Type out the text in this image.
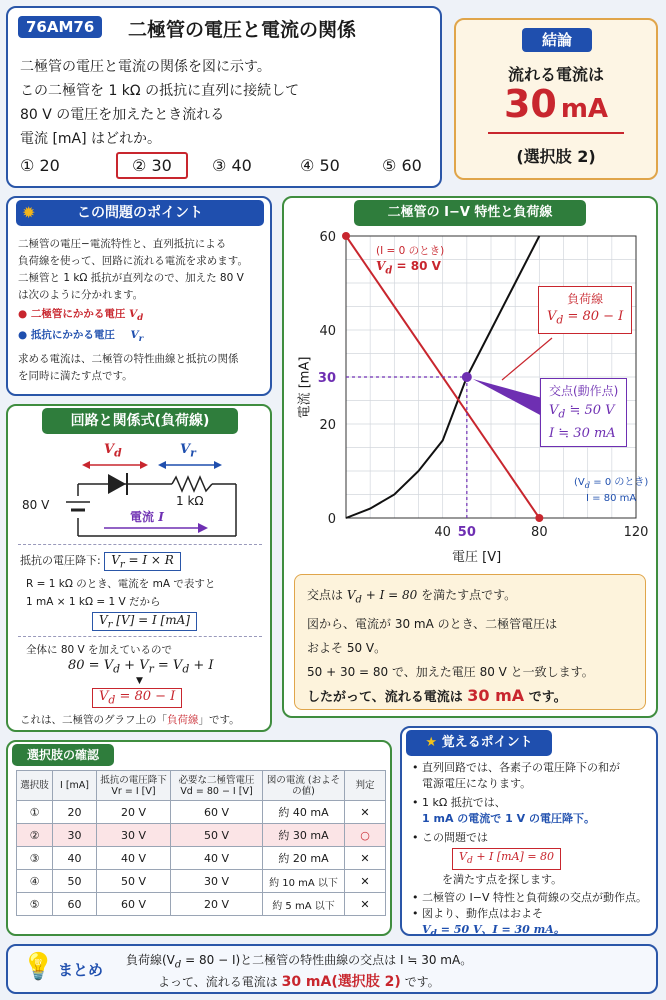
76AM76	二極管の電圧と電流の関係
二極管の電圧と電流の関係を図に示す。
この二極管を 1 kΩ の抵抗に直列に接続して
80 V の電圧を加えたとき流れる
電流 [mA] はどれか。
① 20	② 30	③ 40	④ 50	⑤ 60
結論
流れる電流は
30 mA
(選択肢 2)
✹	この問題のポイント
二極管の電圧−電流特性と、直列抵抗による
負荷線を使って、回路に流れる電流を求めます。
二極管と 1 kΩ 抵抗が直列なので、加えた 80 V
は次のように分かれます。
● 二極管にかかる電圧 $V_d$
● 抵抗にかかる電圧 $V_r$
求める電流は、二極管の特性曲線と抵抗の関係
を同時に満たす点です。
回路と関係式(負荷線)
$V_d$	$V_r$
80 V	1 kΩ
電流 I
抵抗の電圧降下: $V_r = I \times R$
R = 1 kΩ のとき、電流を mA で表すと
1 mA × 1 kΩ = 1 V だから
$V_r$ [V] = I [mA]
全体に 80 V を加えているので
$80 = V_d + V_r = V_d + I$
▼
$V_d = 80 - I$
これは、二極管のグラフ上の「負荷線」です。
二極管の I−V 特性と負荷線
40 50	80	120
0
20
30
40
60
電圧 [V]
電流 [mA]
(I = 0 のとき)
$V_d = 80$ V
負荷線
$V_d = 80 - I$
交点(動作点)
$V_d$ ≒ 50 V
I ≒ 30 mA
($V_d = 0$ のとき)
I = 80 mA
交点は $V_d + I = 80$ を満たす点です。
図から、電流が 30 mA のとき、二極管電圧は
およそ 50 V。
50 + 30 = 80 で、加えた電圧 80 V と一致します。
したがって、流れる電流は 30 mA です。
選択肢の確認
選択肢	I [mA]	抵抗の電圧降下 Vr = I [V]	必要な二極管電圧 Vd = 80 − I [V]	図の電流 (およその値)	判定
①	20	20 V	60 V	約 40 mA	✕
②	30	30 V	50 V	約 30 mA	○
③	40	40 V	40 V	約 20 mA	✕
④	50	50 V	30 V	約 10 mA 以下	✕
⑤	60	60 V	20 V	約 5 mA 以下	✕
★ 覚えるポイント
• 直列回路では、各素子の電圧降下の和が
電源電圧になります。
• 1 kΩ 抵抗では、
1 mA の電流で 1 V の電圧降下。
• この問題では
$V_d + I$ [mA] = 80
を満たす点を探します。
• 二極管の I−V 特性と負荷線の交点が動作点。
• 図より、動作点はおよそ
$V_d = 50$ V、I = 30 mA。
💡 まとめ
負荷線$(V_d = 80 - I)$と二極管の特性曲線の交点は I ≒ 30 mA。
よって、流れる電流は 30 mA(選択肢 2) です。
